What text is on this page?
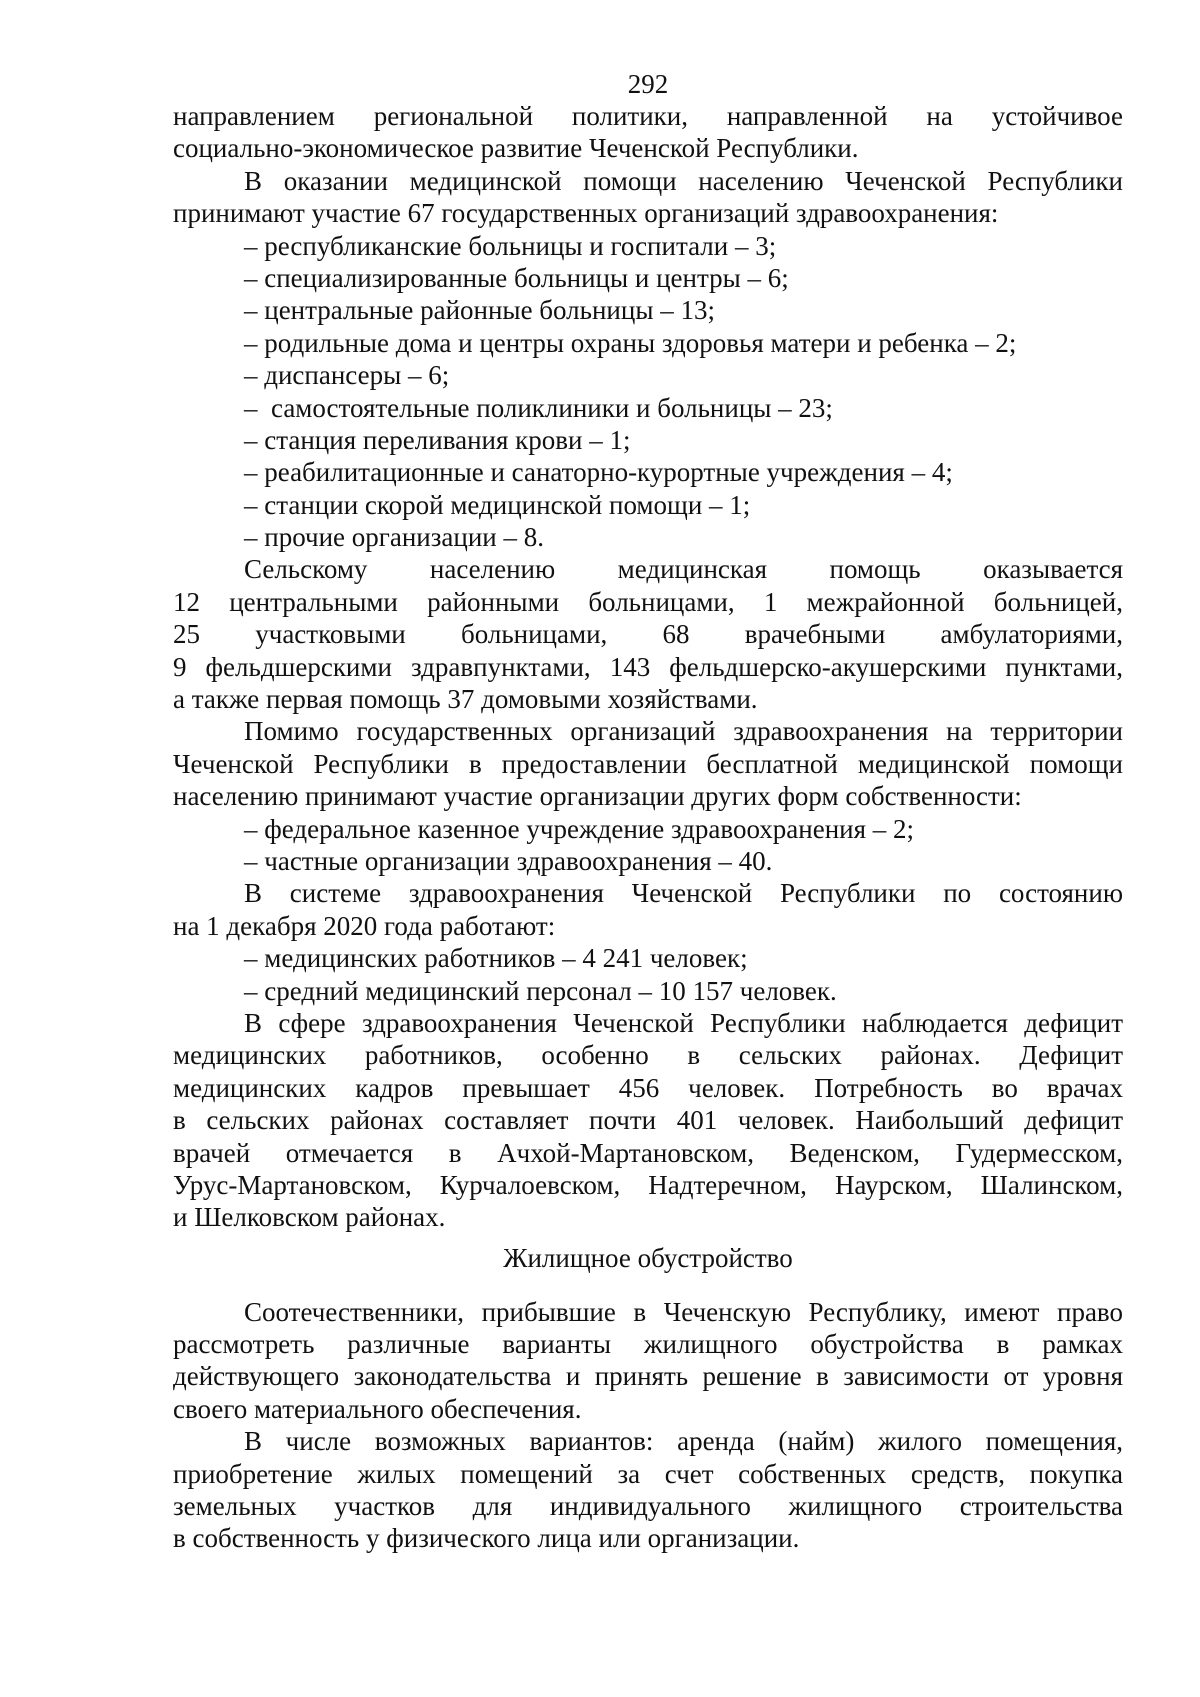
292
направлением региональной политики, направленной на устойчивое
социально-экономическое развитие Чеченской Республики.
В оказании медицинской помощи населению Чеченской Республики
принимают участие 67 государственных организаций здравоохранения:
– республиканские больницы и госпитали – 3;
– специализированные больницы и центры – 6;
– центральные районные больницы – 13;
– родильные дома и центры охраны здоровья матери и ребенка – 2;
– диспансеры – 6;
–  самостоятельные поликлиники и больницы – 23;
– станция переливания крови – 1;
– реабилитационные и санаторно-курортные учреждения – 4;
– станции скорой медицинской помощи – 1;
– прочие организации – 8.
Сельскому населению медицинская помощь оказывается
12 центральными районными больницами, 1 межрайонной больницей,
25 участковыми больницами, 68 врачебными амбулаториями,
9 фельдшерскими здравпунктами, 143 фельдшерско-акушерскими пунктами,
а также первая помощь 37 домовыми хозяйствами.
Помимо государственных организаций здравоохранения на территории
Чеченской Республики в предоставлении бесплатной медицинской помощи
населению принимают участие организации других форм собственности:
– федеральное казенное учреждение здравоохранения – 2;
– частные организации здравоохранения – 40.
В системе здравоохранения Чеченской Республики по состоянию
на 1 декабря 2020 года работают:
– медицинских работников – 4 241 человек;
– средний медицинский персонал – 10 157 человек.
В сфере здравоохранения Чеченской Республики наблюдается дефицит
медицинских работников, особенно в сельских районах. Дефицит
медицинских кадров превышает 456 человек. Потребность во врачах
в сельских районах составляет почти 401 человек. Наибольший дефицит
врачей отмечается в Ачхой-Мартановском, Веденском, Гудермесском,
Урус-Мартановском, Курчалоевском, Надтеречном, Наурском, Шалинском,
и Шелковском районах.
Жилищное обустройство
Соотечественники, прибывшие в Чеченскую Республику, имеют право
рассмотреть различные варианты жилищного обустройства в рамках
действующего законодательства и принять решение в зависимости от уровня
своего материального обеспечения.
В числе возможных вариантов: аренда (найм) жилого помещения,
приобретение жилых помещений за счет собственных средств, покупка
земельных участков для индивидуального жилищного строительства
в собственность у физического лица или организации.
